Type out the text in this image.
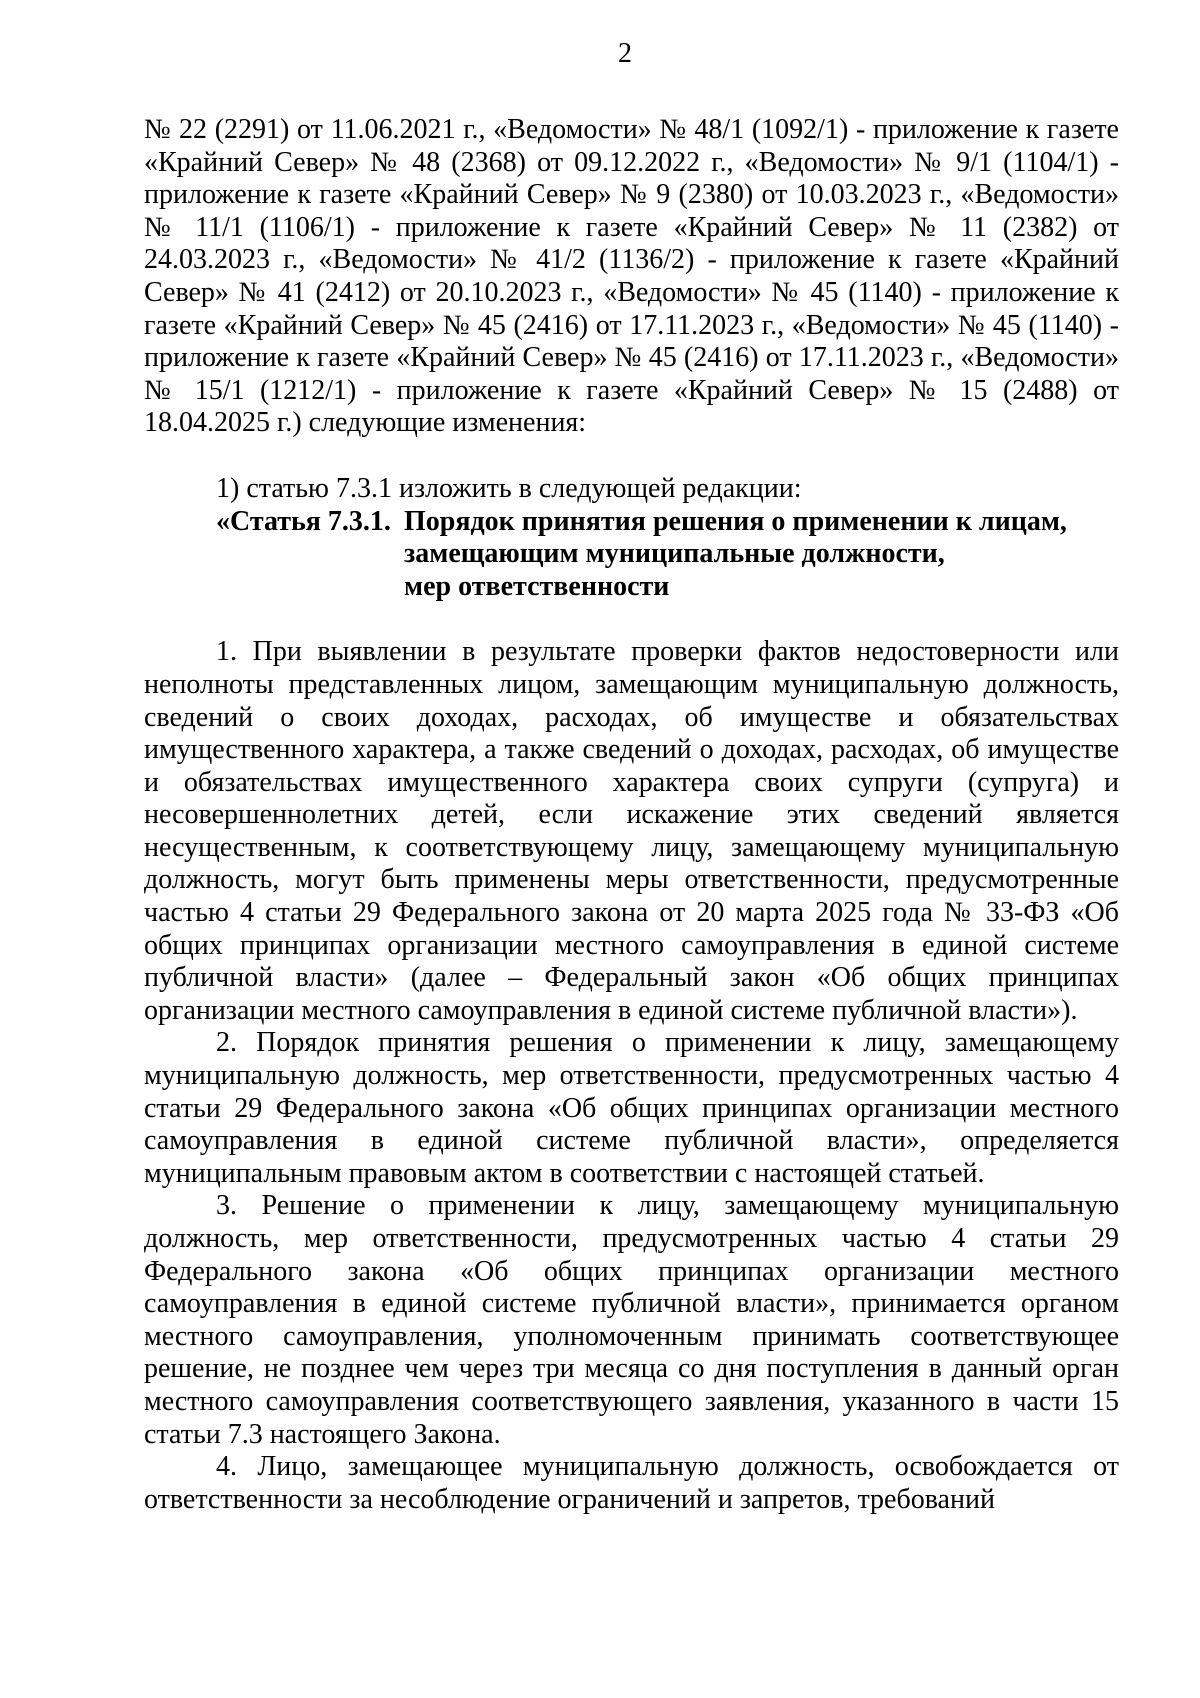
2

№ 22 (2291) от 11.06.2021 г., «Ведомости» № 48/1 (1092/1) - приложение к газете «Крайний Север» № 48 (2368) от 09.12.2022 г., «Ведомости» № 9/1 (1104/1) - приложение к газете «Крайний Север» № 9 (2380) от 10.03.2023 г., «Ведомости» № 11/1 (1106/1) - приложение к газете «Крайний Север» № 11 (2382) от 24.03.2023 г., «Ведомости» № 41/2 (1136/2) - приложение к газете «Крайний Север» № 41 (2412) от 20.10.2023 г., «Ведомости» № 45 (1140) - приложение к газете «Крайний Север» № 45 (2416) от 17.11.2023 г., «Ведомости» № 45 (1140) - приложение к газете «Крайний Север» № 45 (2416) от 17.11.2023 г., «Ведомости» № 15/1 (1212/1) - приложение к газете «Крайний Север» № 15 (2488) от 18.04.2025 г.) следующие изменения:

1) статью 7.3.1 изложить в следующей редакции:

«Статья 7.3.1. Порядок принятия решения о применении к лицам,
замещающим муниципальные должности,
мер ответственности

1. При выявлении в результате проверки фактов недостоверности или неполноты представленных лицом, замещающим муниципальную должность, сведений о своих доходах, расходах, об имуществе и обязательствах имущественного характера, а также сведений о доходах, расходах, об имуществе и обязательствах имущественного характера своих супруги (супруга) и несовершеннолетних детей, если искажение этих сведений является несущественным, к соответствующему лицу, замещающему муниципальную должность, могут быть применены меры ответственности, предусмотренные частью 4 статьи 29 Федерального закона от 20 марта 2025 года № 33-ФЗ «Об общих принципах организации местного самоуправления в единой системе публичной власти» (далее – Федеральный закон «Об общих принципах организации местного самоуправления в единой системе публичной власти»).

2. Порядок принятия решения о применении к лицу, замещающему муниципальную должность, мер ответственности, предусмотренных частью 4 статьи 29 Федерального закона «Об общих принципах организации местного самоуправления в единой системе публичной власти», определяется муниципальным правовым актом в соответствии с настоящей статьей.

3. Решение о применении к лицу, замещающему муниципальную должность, мер ответственности, предусмотренных частью 4 статьи 29 Федерального закона «Об общих принципах организации местного самоуправления в единой системе публичной власти», принимается органом местного самоуправления, уполномоченным принимать соответствующее решение, не позднее чем через три месяца со дня поступления в данный орган местного самоуправления соответствующего заявления, указанного в части 15 статьи 7.3 настоящего Закона.

4. Лицо, замещающее муниципальную должность, освобождается от ответственности за несоблюдение ограничений и запретов, требований
